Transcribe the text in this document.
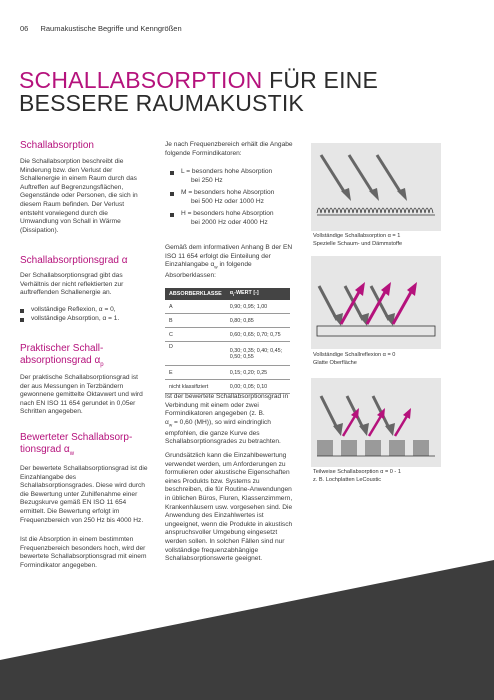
06 Raumakustische Begriffe und Kenngrößen
SCHALLABSORPTION FÜR EINE
BESSERE RAUMAKUSTIK
Schallabsorption

Die Schallabsorption beschreibt die Minderung bzw. den Verlust der Schallenergie in einem Raum durch das Auftreffen auf Begrenzungsflächen, Gegenstände oder Personen, die sich in diesem Raum befinden. Der Verlust entsteht vorwiegend durch die Umwandlung von Schall in Wärme (Dissipation).

Schallabsorptionsgrad α

Der Schallabsorptionsgrad gibt das Verhältnis der nicht reflektierten zur auftreffenden Schallenergie an.

vollständige Reflexion, α = 0,
vollständige Absorption, α = 1.
Praktischer Schall-
absorptionsgrad $\alpha_p$

Der praktische Schallabsorptionsgrad ist der aus Messungen in Terzbändern gewonnene gemittelte Oktavwert und wird nach EN ISO 11 654 gerundet in 0,05er Schritten angegeben.

Bewerteter Schallabsorp-
tionsgrad $\alpha_w$

Der bewertete Schallabsorptionsgrad ist die Einzahlangabe des Schallabsorptionsgrades. Diese wird durch die Bewertung unter Zuhilfenahme einer Bezugskurve gemäß EN ISO 11 654 ermittelt. Die Bewertung erfolgt im Frequenzbereich von 250 Hz bis 4000 Hz.

Ist die Absorption in einem bestimmten Frequenzbereich besonders hoch, wird der bewertete Schallabsorptionsgrad mit einem Formindikator angegeben.

Je nach Frequenzbereich erhält die Angabe folgende Formindikatoren:

L = besonders hohe Absorption
bei 250 Hz
M = besonders hohe Absorption
bei 500 Hz oder 1000 Hz
H = besonders hohe Absorption
bei 2000 Hz oder 4000 Hz

Gemäß dem informativen Anhang B der EN ISO 11 654 erfolgt die Einteilung der Einzahlangabe $\alpha_w$ in folgende Absorberklassen:

ABSORBERKLASSE	$\alpha_i$-WERT [-]
A	0,90; 0,95; 1,00
B	0,80; 0,85
C	0,60; 0,65; 0,70; 0,75
D	0,30; 0,35; 0,40; 0,45; 0,50; 0,55
E	0,15; 0,20; 0,25
nicht klassifiziert	0,00; 0,05; 0,10

Ist der bewertete Schallabsorptionsgrad in Verbindung mit einem oder zwei Formindikatoren angegeben (z. B.
$\alpha_w = 0,60$ (MH)), so wird eindringlich empfohlen, die ganze Kurve des Schallabsorptionsgrades zu betrachten.

Grundsätzlich kann die Einzahlbewertung verwendet werden, um Anforderungen zu formulieren oder akustische Eigenschaften eines Produkts bzw. Systems zu beschreiben, die für Routine-Anwendungen in üblichen Büros, Fluren, Klassenzimmern, Krankenhäusern usw. vorgesehen sind. Die Anwendung des Einzahlwertes ist ungeeignet, wenn die Produkte in akustisch anspruchsvoller Umgebung eingesetzt werden sollen. In solchen Fällen sind nur vollständige frequenzabhängige Schallabsorptionswerte geeignet.

Vollständige Schallabsorption α = 1
Spezielle Schaum- und Dämmstoffe
Vollständige Schallreflexion α = 0
Glatte Oberfläche
Teilweise Schallabsorption α = 0 - 1
z. B. Lochplatten LeCoustic
